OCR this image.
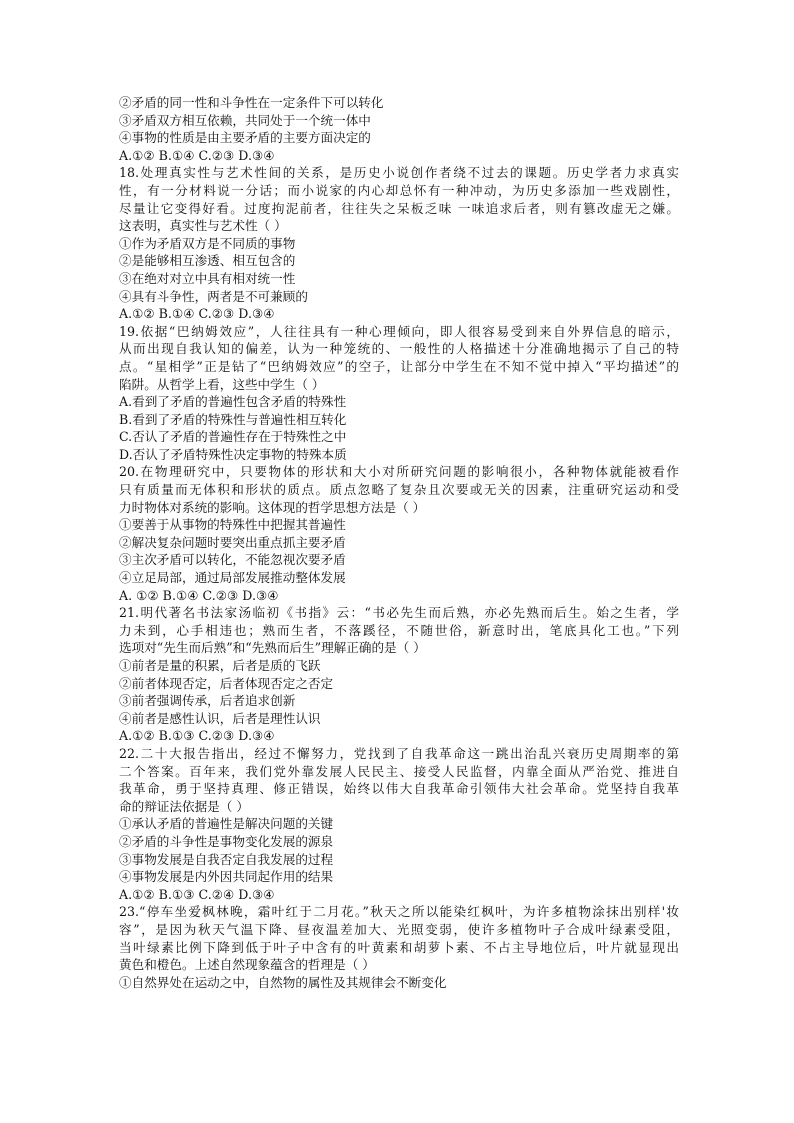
②矛盾的同一性和斗争性在一定条件下可以转化
③矛盾双方相互依赖，共同处于一个统一体中
④事物的性质是由主要矛盾的主要方面决定的
A.①② B.①④ C.②③ D.③④
18.处理真实性与艺术性间的关系，是历史小说创作者绕不过去的课题。历史学者力求真实
性，有一分材料说一分话；而小说家的内心却总怀有一种冲动，为历史多添加一些戏剧性，
尽量让它变得好看。过度拘泥前者，往往失之呆板乏味 一味追求后者，则有篡改虚无之嫌。
这表明，真实性与艺术性（ ）
①作为矛盾双方是不同质的事物
②是能够相互渗透、相互包含的
③在绝对对立中具有相对统一性
④具有斗争性，两者是不可兼顾的
A.①② B.①④ C.②③ D.③④
19.依据“巴纳姆效应”，人往往具有一种心理倾向，即人很容易受到来自外界信息的暗示，
从而出现自我认知的偏差，认为一种笼统的、一般性的人格描述十分准确地揭示了自己的特
点。“星相学”正是钻了“巴纳姆效应”的空子，让部分中学生在不知不觉中掉入“平均描述”的
陷阱。从哲学上看，这些中学生（ ）
A.看到了矛盾的普遍性包含矛盾的特殊性
B.看到了矛盾的特殊性与普遍性相互转化
C.否认了矛盾的普遍性存在于特殊性之中
D.否认了矛盾特殊性决定事物的特殊本质
20.在物理研究中，只要物体的形状和大小对所研究问题的影响很小，各种物体就能被看作
只有质量而无体积和形状的质点。质点忽略了复杂且次要或无关的因素，注重研究运动和受
力时物体对系统的影响。这体现的哲学思想方法是（ ）
①要善于从事物的特殊性中把握其普遍性
②解决复杂问题时要突出重点抓主要矛盾
③主次矛盾可以转化，不能忽视次要矛盾
④立足局部，通过局部发展推动整体发展
A. ①② B.①④ C.②③ D.③④
21.明代著名书法家汤临初《书指》云：“书必先生而后熟，亦必先熟而后生。始之生者，学
力未到，心手相违也；熟而生者，不落蹊径，不随世俗，新意时出，笔底具化工也。”下列
选项对“先生而后熟”和“先熟而后生”理解正确的是（ ）
①前者是量的积累，后者是质的飞跃
②前者体现否定，后者体现否定之否定
③前者强调传承，后者追求创新
④前者是感性认识，后者是理性认识
A.①② B.①③ C.②③ D.③④
22.二十大报告指出，经过不懈努力，党找到了自我革命这一跳出治乱兴衰历史周期率的第
二个答案。百年来，我们党外靠发展人民民主、接受人民监督，内靠全面从严治党、推进自
我革命，勇于坚持真理、修正错误，始终以伟大自我革命引领伟大社会革命。党坚持自我革
命的辩证法依据是（ ）
①承认矛盾的普遍性是解决问题的关键
②矛盾的斗争性是事物变化发展的源泉
③事物发展是自我否定自我发展的过程
④事物发展是内外因共同起作用的结果
A.①② B.①③ C.②④ D.③④
23.“停车坐爱枫林晚，霜叶红于二月花。”秋天之所以能染红枫叶，为许多植物涂抹出别样'妆
容”，是因为秋天气温下降、昼夜温差加大、光照变弱，使许多植物叶子合成叶绿素受阻，
当叶绿素比例下降到低于叶子中含有的叶黄素和胡萝卜素、不占主导地位后，叶片就显现出
黄色和橙色。上述自然现象蕴含的哲理是（ ）
①自然界处在运动之中，自然物的属性及其规律会不断变化
